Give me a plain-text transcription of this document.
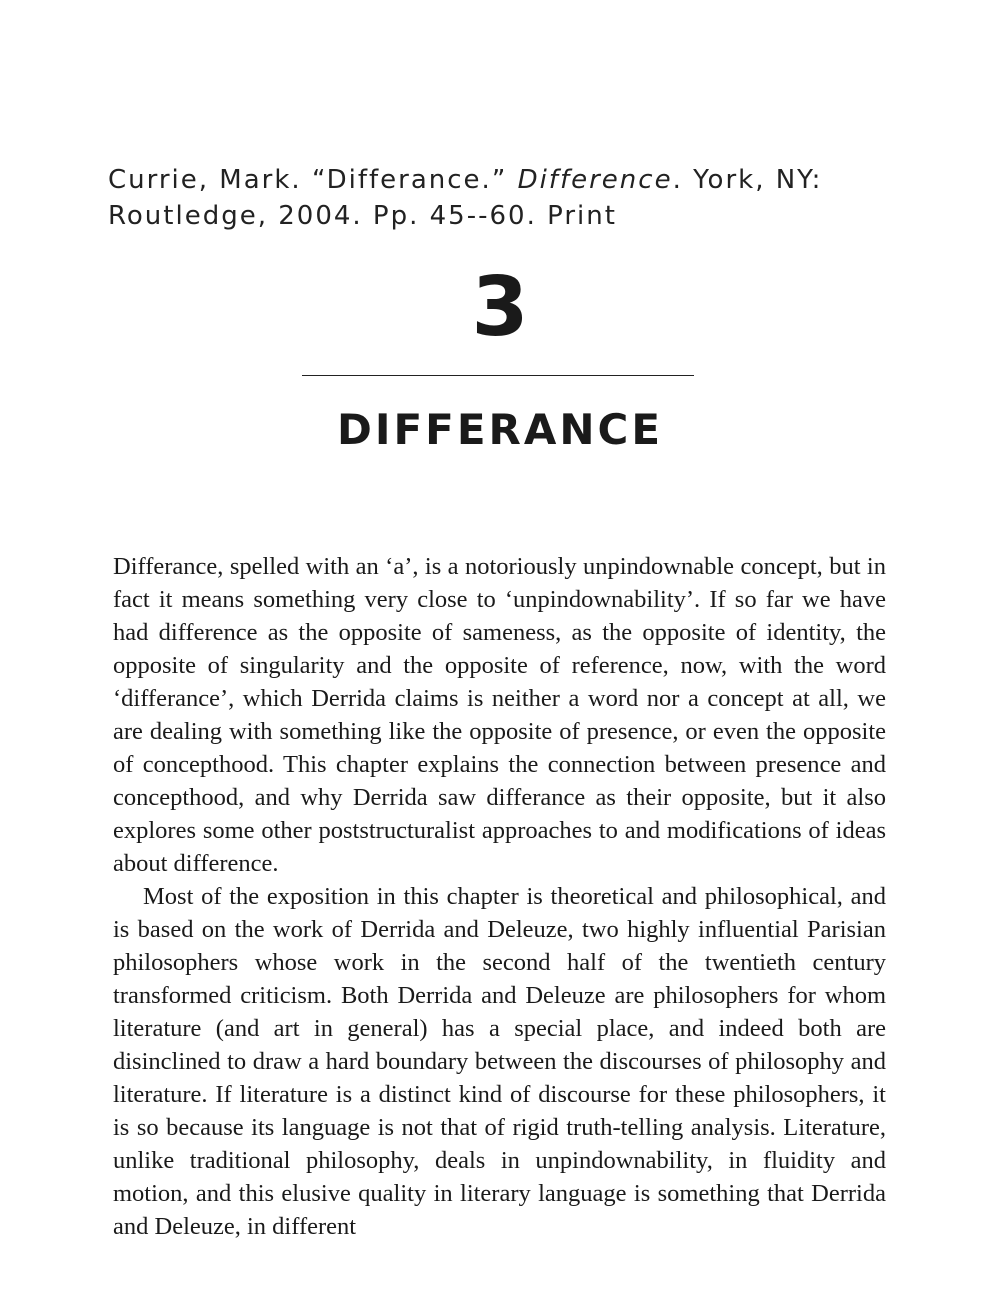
Currie, Mark. “Differance.” Difference. York, NY: Routledge, 2004. Pp. 45--60. Print
3
DIFFERANCE

Differance, spelled with an ‘a’, is a notoriously unpindownable concept, but in fact it means something very close to ‘unpindownability’. If so far we have had difference as the opposite of sameness, as the opposite of identity, the opposite of singularity and the opposite of reference, now, with the word ‘differance’, which Derrida claims is neither a word nor a concept at all, we are dealing with something like the opposite of presence, or even the opposite of concepthood. This chapter explains the connection between presence and concepthood, and why Derrida saw differance as their opposite, but it also explores some other poststructuralist approaches to and modifications of ideas about difference.

Most of the exposition in this chapter is theoretical and philosophical, and is based on the work of Derrida and Deleuze, two highly influential Parisian philosophers whose work in the second half of the twentieth century transformed criticism. Both Derrida and Deleuze are philosophers for whom literature (and art in general) has a special place, and indeed both are disinclined to draw a hard boundary between the discourses of philosophy and literature. If literature is a distinct kind of discourse for these philosophers, it is so because its language is not that of rigid truth-telling analysis. Literature, unlike traditional philosophy, deals in unpindownability, in fluidity and motion, and this elusive quality in literary language is something that Derrida and Deleuze, in different
